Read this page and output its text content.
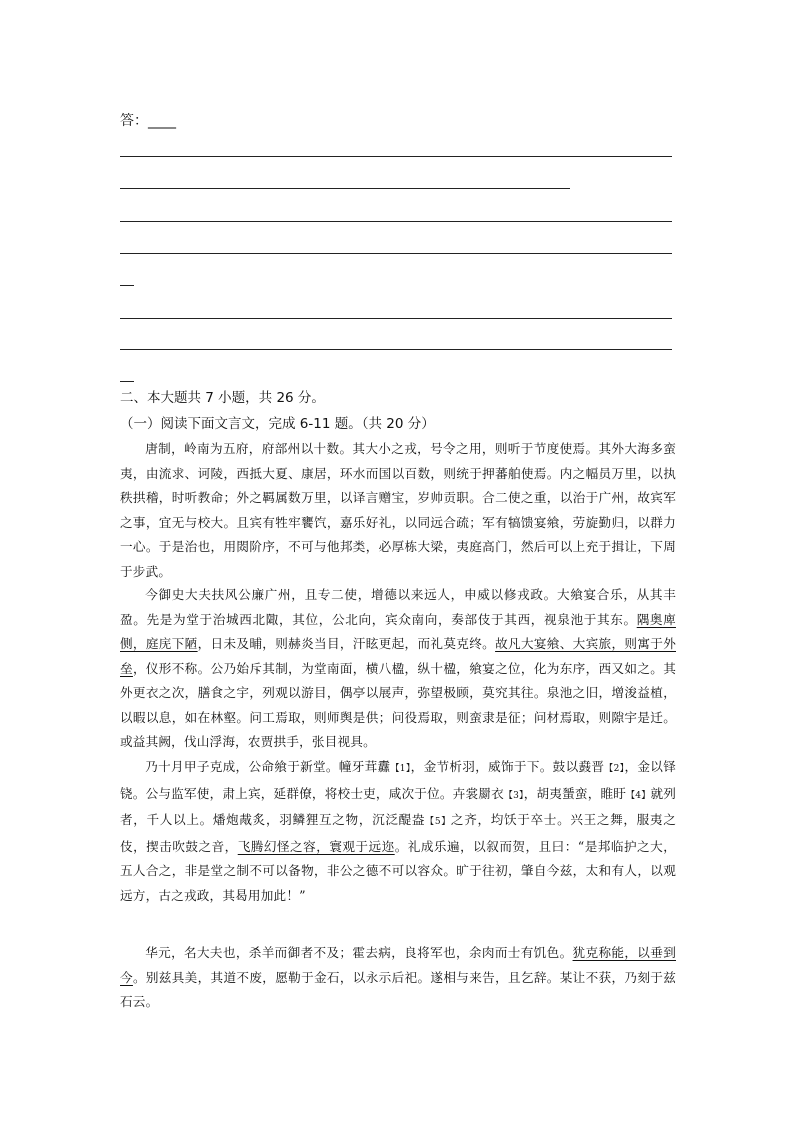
答：____
二、本大题共 7 小题，共 26 分。
（一）阅读下面文言文，完成 6-11 题。（共 20 分）
唐制，岭南为五府，府部州以十数。其大小之戎，号令之用，则听于节度使焉。其外大海多蛮夷，由流求、诃陵，西抵大夏、康居，环水而国以百数，则统于押蕃舶使焉。内之幅员万里，以执秩拱稽，时听教命；外之羁属数万里，以译言赠宝，岁帅贡职。合二使之重，以治于广州，故宾军之事，宜无与校大。且宾有牲牢饔饩，嘉乐好礼，以同远合疏；军有犒馈宴飨，劳旋勤归，以群力一心。于是治也，用閦阶序，不可与他邦类，必厚栋大梁，夷庭高门，然后可以上充于揖让，下周于步武。
今御史大夫扶风公廉广州，且专二使，增德以来远人，申威以修戎政。大飨宴合乐，从其丰盈。先是为堂于治城西北陬，其位，公北向，宾众南向，奏部伎于其西，视泉池于其东。隅奥庳侧，庭庑下陋，日未及晡，则赫炎当目，汗眩更起，而礼莫克终。故凡大宴飨、大宾旅，则寓于外垒，仪形不称。公乃始斥其制，为堂南面，横八楹，纵十楹，飨宴之位，化为东序，西又如之。其外更衣之次，膳食之宇，列观以游目，偶亭以展声，弥望极顾，莫究其往。泉池之旧，增浚益植，以暇以息，如在林壑。问工焉取，则师舆是供；问役焉取，则蛮隶是征；问材焉取，则隙宇是迁。或益其阙，伐山浮海，农贾拱手，张目视具。
乃十月甲子克成，公命飨于新堂。幢牙茸纛【1】，金节析羽，威饰于下。鼓以鼖晋【2】，金以铎铙。公与监军使，肃上宾，延群僚，将校士吏，咸次于位。卉裳罽衣【3】，胡夷蜑蛮，睢盱【4】就列者，千人以上。燔炮胾炙，羽鳞狸互之物，沉泛醍盎【5】之齐，均饫于卒士。兴王之舞，服夷之伎，揳击吹鼓之音，飞腾幻怪之容，寰观于远迩。礼成乐遍，以叙而贺，且曰：“是邦临护之大，五人合之，非是堂之制不可以备物，非公之德不可以容众。旷于往初，肇自今兹，太和有人，以观远方，古之戎政，其曷用加此！”
华元，名大夫也，杀羊而御者不及；霍去病，良将军也，余肉而士有饥色。犹克称能，以垂到今。别兹具美，其道不废，愿勒于金石，以永示后祀。遂相与来告，且乞辞。某让不获，乃刻于兹石云。
